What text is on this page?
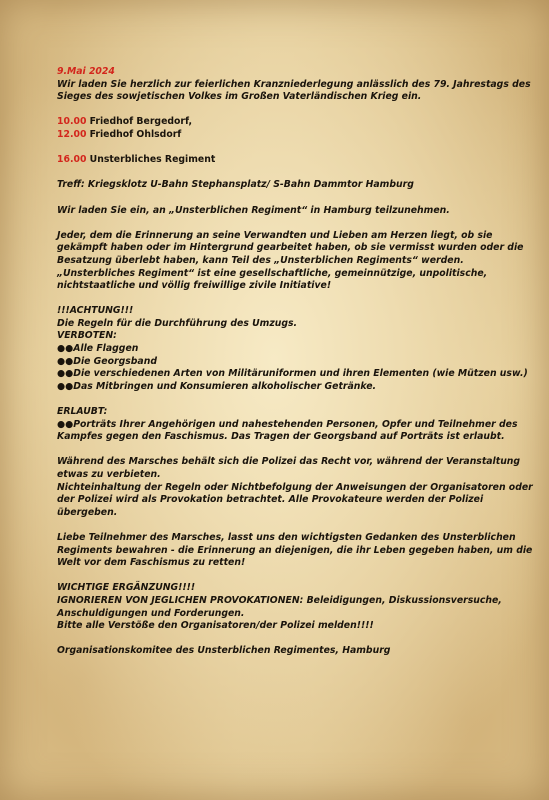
9.Mai 2024
Wir laden Sie herzlich zur feierlichen Kranzniederlegung anlässlich des 79. Jahrestags des
Sieges des sowjetischen Volkes im Großen Vaterländischen Krieg ein.
10.00 Friedhof Bergedorf,
12.00 Friedhof Ohlsdorf
16.00 Unsterbliches Regiment
Treff: Kriegsklotz U-Bahn Stephansplatz/ S-Bahn Dammtor Hamburg
Wir laden Sie ein, an „Unsterblichen Regiment“ in Hamburg teilzunehmen.
Jeder, dem die Erinnerung an seine Verwandten und Lieben am Herzen liegt, ob sie
gekämpft haben oder im Hintergrund gearbeitet haben, ob sie vermisst wurden oder die
Besatzung überlebt haben, kann Teil des „Unsterblichen Regiments“ werden.
„Unsterbliches Regiment“ ist eine gesellschaftliche, gemeinnützige, unpolitische,
nichtstaatliche und völlig freiwillige zivile Initiative!
!!!ACHTUNG!!!
Die Regeln für die Durchführung des Umzugs.
VERBOTEN:
●●Alle Flaggen
●●Die Georgsband
●●Die verschiedenen Arten von Militäruniformen und ihren Elementen (wie Mützen usw.)
●●Das Mitbringen und Konsumieren alkoholischer Getränke.
ERLAUBT:
●●Porträts Ihrer Angehörigen und nahestehenden Personen, Opfer und Teilnehmer des
Kampfes gegen den Faschismus. Das Tragen der Georgsband auf Porträts ist erlaubt.
Während des Marsches behält sich die Polizei das Recht vor, während der Veranstaltung
etwas zu verbieten.
Nichteinhaltung der Regeln oder Nichtbefolgung der Anweisungen der Organisatoren oder
der Polizei wird als Provokation betrachtet. Alle Provokateure werden der Polizei
übergeben.
Liebe Teilnehmer des Marsches, lasst uns den wichtigsten Gedanken des Unsterblichen
Regiments bewahren - die Erinnerung an diejenigen, die ihr Leben gegeben haben, um die
Welt vor dem Faschismus zu retten!
WICHTIGE ERGÄNZUNG!!!!
IGNORIEREN VON JEGLICHEN PROVOKATIONEN: Beleidigungen, Diskussionsversuche,
Anschuldigungen und Forderungen.
Bitte alle Verstöße den Organisatoren/der Polizei melden!!!!
Organisationskomitee des Unsterblichen Regimentes, Hamburg
